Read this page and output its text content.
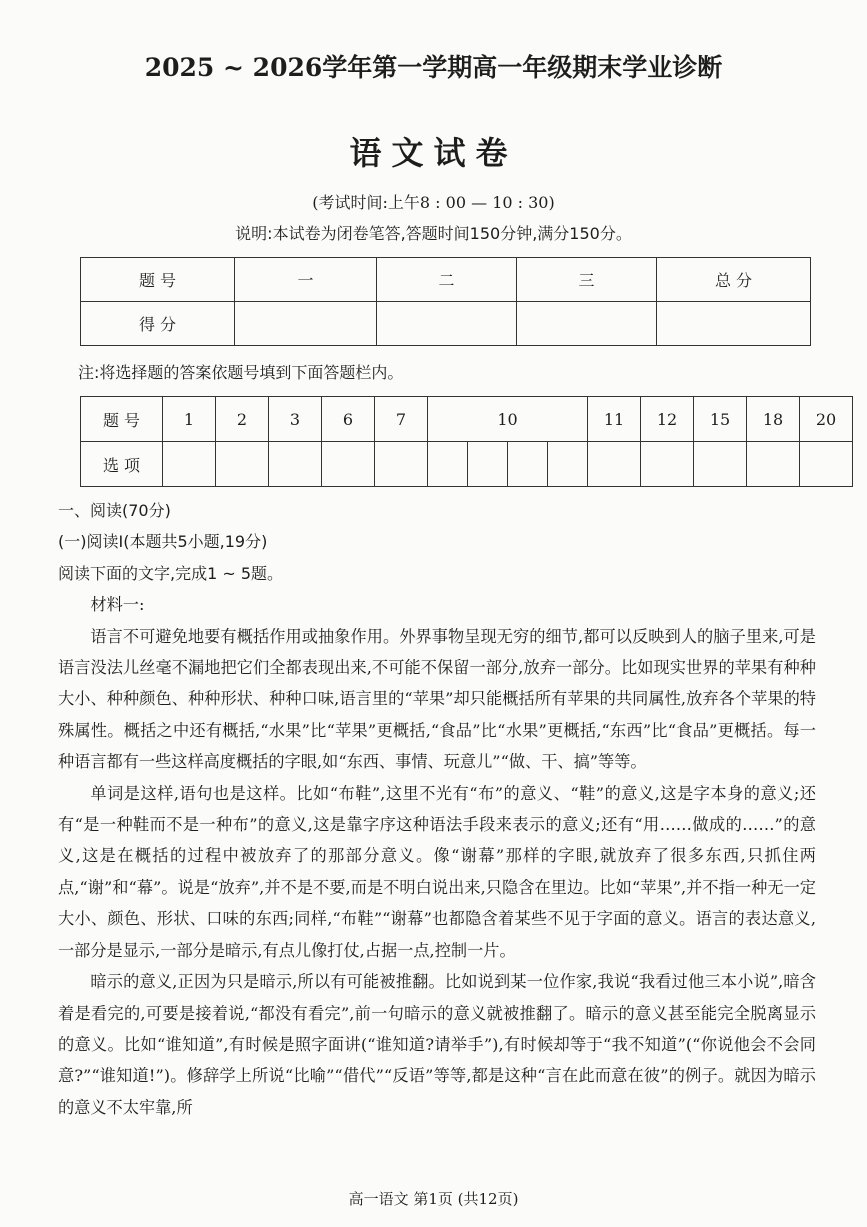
2025 ~ 2026学年第一学期高一年级期末学业诊断
语文试卷
(考试时间:上午8 : 00 — 10 : 30)
说明:本试卷为闭卷笔答,答题时间150分钟,满分150分。
题 号	一	二	三	总 分
得 分				
注:将选择题的答案依题号填到下面答题栏内。
题 号	1	2	3	6	7	10				11	12	15	18	20
选 项														
一、阅读(70分)
(一)阅读Ⅰ(本题共5小题,19分)
阅读下面的文字,完成1 ~ 5题。
材料一:

语言不可避免地要有概括作用或抽象作用。外界事物呈现无穷的细节,都可以反映到人的脑子里来,可是语言没法儿丝毫不漏地把它们全都表现出来,不可能不保留一部分,放弃一部分。比如现实世界的苹果有种种大小、种种颜色、种种形状、种种口味,语言里的“苹果”却只能概括所有苹果的共同属性,放弃各个苹果的特殊属性。概括之中还有概括,“水果”比“苹果”更概括,“食品”比“水果”更概括,“东西”比“食品”更概括。每一种语言都有一些这样高度概括的字眼,如“东西、事情、玩意儿”“做、干、搞”等等。

单词是这样,语句也是这样。比如“布鞋”,这里不光有“布”的意义、“鞋”的意义,这是字本身的意义;还有“是一种鞋而不是一种布”的意义,这是靠字序这种语法手段来表示的意义;还有“用……做成的……”的意义,这是在概括的过程中被放弃了的那部分意义。像“谢幕”那样的字眼,就放弃了很多东西,只抓住两点,“谢”和“幕”。说是“放弃”,并不是不要,而是不明白说出来,只隐含在里边。比如“苹果”,并不指一种无一定大小、颜色、形状、口味的东西;同样,“布鞋”“谢幕”也都隐含着某些不见于字面的意义。语言的表达意义,一部分是显示,一部分是暗示,有点儿像打仗,占据一点,控制一片。

暗示的意义,正因为只是暗示,所以有可能被推翻。比如说到某一位作家,我说“我看过他三本小说”,暗含着是看完的,可要是接着说,“都没有看完”,前一句暗示的意义就被推翻了。暗示的意义甚至能完全脱离显示的意义。比如“谁知道”,有时候是照字面讲(“谁知道?请举手”),有时候却等于“我不知道”(“你说他会不会同意?”“谁知道!”)。修辞学上所说“比喻”“借代”“反语”等等,都是这种“言在此而意在彼”的例子。就因为暗示的意义不太牢靠,所

高一语文 第1页 (共12页)
